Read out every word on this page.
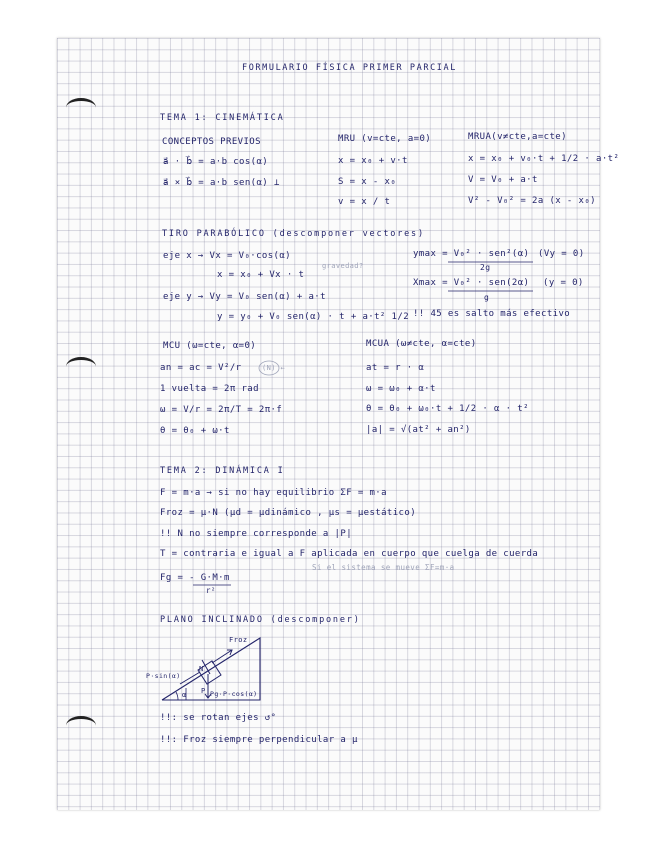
FORMULARIO FÍSICA PRIMER PARCIAL
TEMA 1: CINEMÁTICA
CONCEPTOS PREVIOS	MRU (v=cte, a=0)	MRUA(v≠cte,a=cte)
a⃗ · b⃗ = a·b cos(α)
a⃗ × b⃗ = a·b sen(α) ⊥
x = x₀ + v·t
S = x - x₀
v = x / t
x = x₀ + v₀·t + 1/2 · a·t²
V = V₀ + a·t
V² - V₀² = 2a (x - x₀)
TIRO PARABÓLICO (descomponer vectores)
eje x → Vx = V₀·cos(α)
x = x₀ + Vx · t
gravedad?
eje y → Vy = V₀ sen(α) + a·t
y = y₀ + V₀ sen(α) · t + a·t² 1/2
ymax = V₀² · sen²(α)
2g
(Vy = 0)
Xmax = V₀² · sen(2α)
g
(y = 0)
!! 45 es salto más efectivo
MCU (ω=cte, α=0)	MCUA (ω≠cte, α=cte)
an = ac = V²/r	(N) ←
1 vuelta = 2π rad
ω = V/r = 2π/T = 2π·f
θ = θ₀ + ω·t
at = r · α
ω = ω₀ + α·t
θ = θ₀ + ω₀·t + 1/2 · α · t²
|a| = √(at² + an²)
TEMA 2: DINÁMICA I
F = m·a → si no hay equilibrio ΣF = m·a
Froz = μ·N (μd = μdinámico , μs = μestático)
!! N no siempre corresponde a |P|
T = contraria e igual a F aplicada en cuerpo que cuelga de cuerda
Si el sistema se mueve ΣF=m·a
Fg = - G·M·m
r²
PLANO INCLINADO (descomponer)
Froz
P·sin(α)
Pg·P·cos(α)
N
P
α
!!: se rotan ejes ↺°
!!: Froz siempre perpendicular a μ
